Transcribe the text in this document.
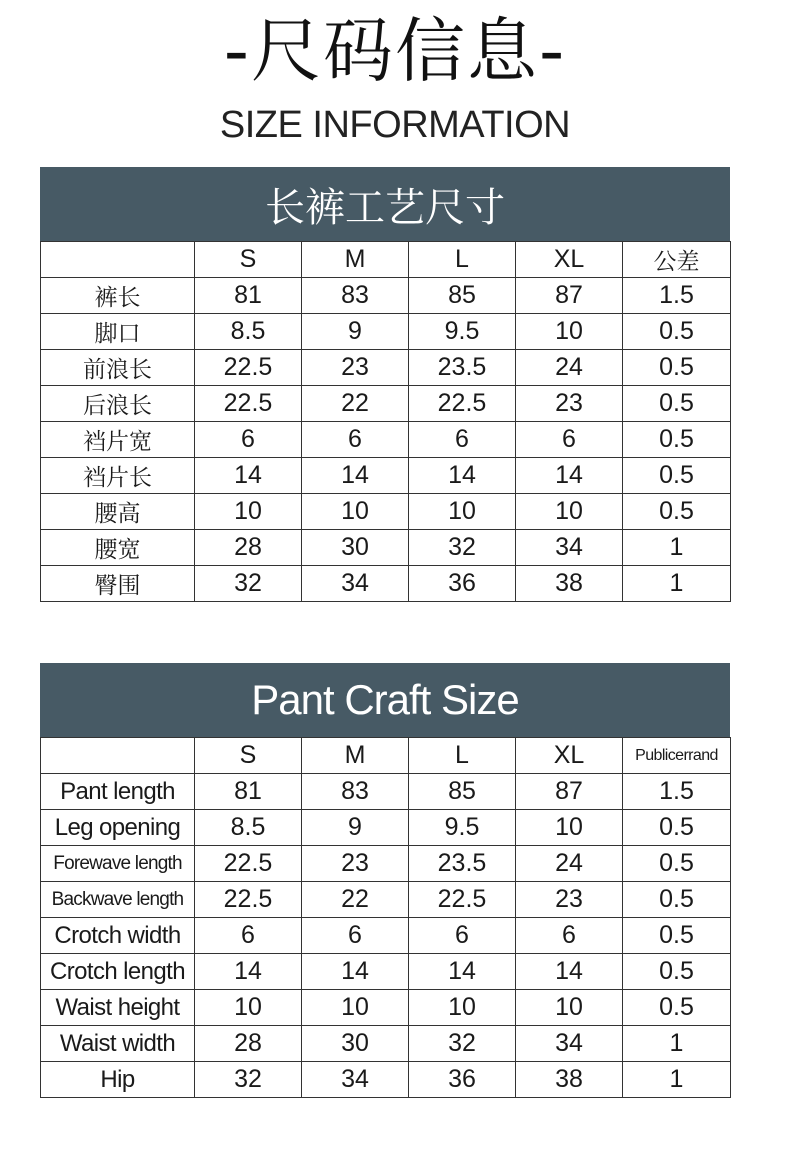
-尺码信息-
SIZE INFORMATION
长裤工艺尺寸
	S	M	L	XL	公差
裤长	81	83	85	87	1.5
脚口	8.5	9	9.5	10	0.5
前浪长	22.5	23	23.5	24	0.5
后浪长	22.5	22	22.5	23	0.5
裆片宽	6	6	6	6	0.5
裆片长	14	14	14	14	0.5
腰高	10	10	10	10	0.5
腰宽	28	30	32	34	1
臀围	32	34	36	38	1
Pant Craft Size
	S	M	L	XL	Publicerrand
Pant length	81	83	85	87	1.5
Leg opening	8.5	9	9.5	10	0.5
Forewave length	22.5	23	23.5	24	0.5
Backwave length	22.5	22	22.5	23	0.5
Crotch width	6	6	6	6	0.5
Crotch length	14	14	14	14	0.5
Waist height	10	10	10	10	0.5
Waist width	28	30	32	34	1
Hip	32	34	36	38	1
